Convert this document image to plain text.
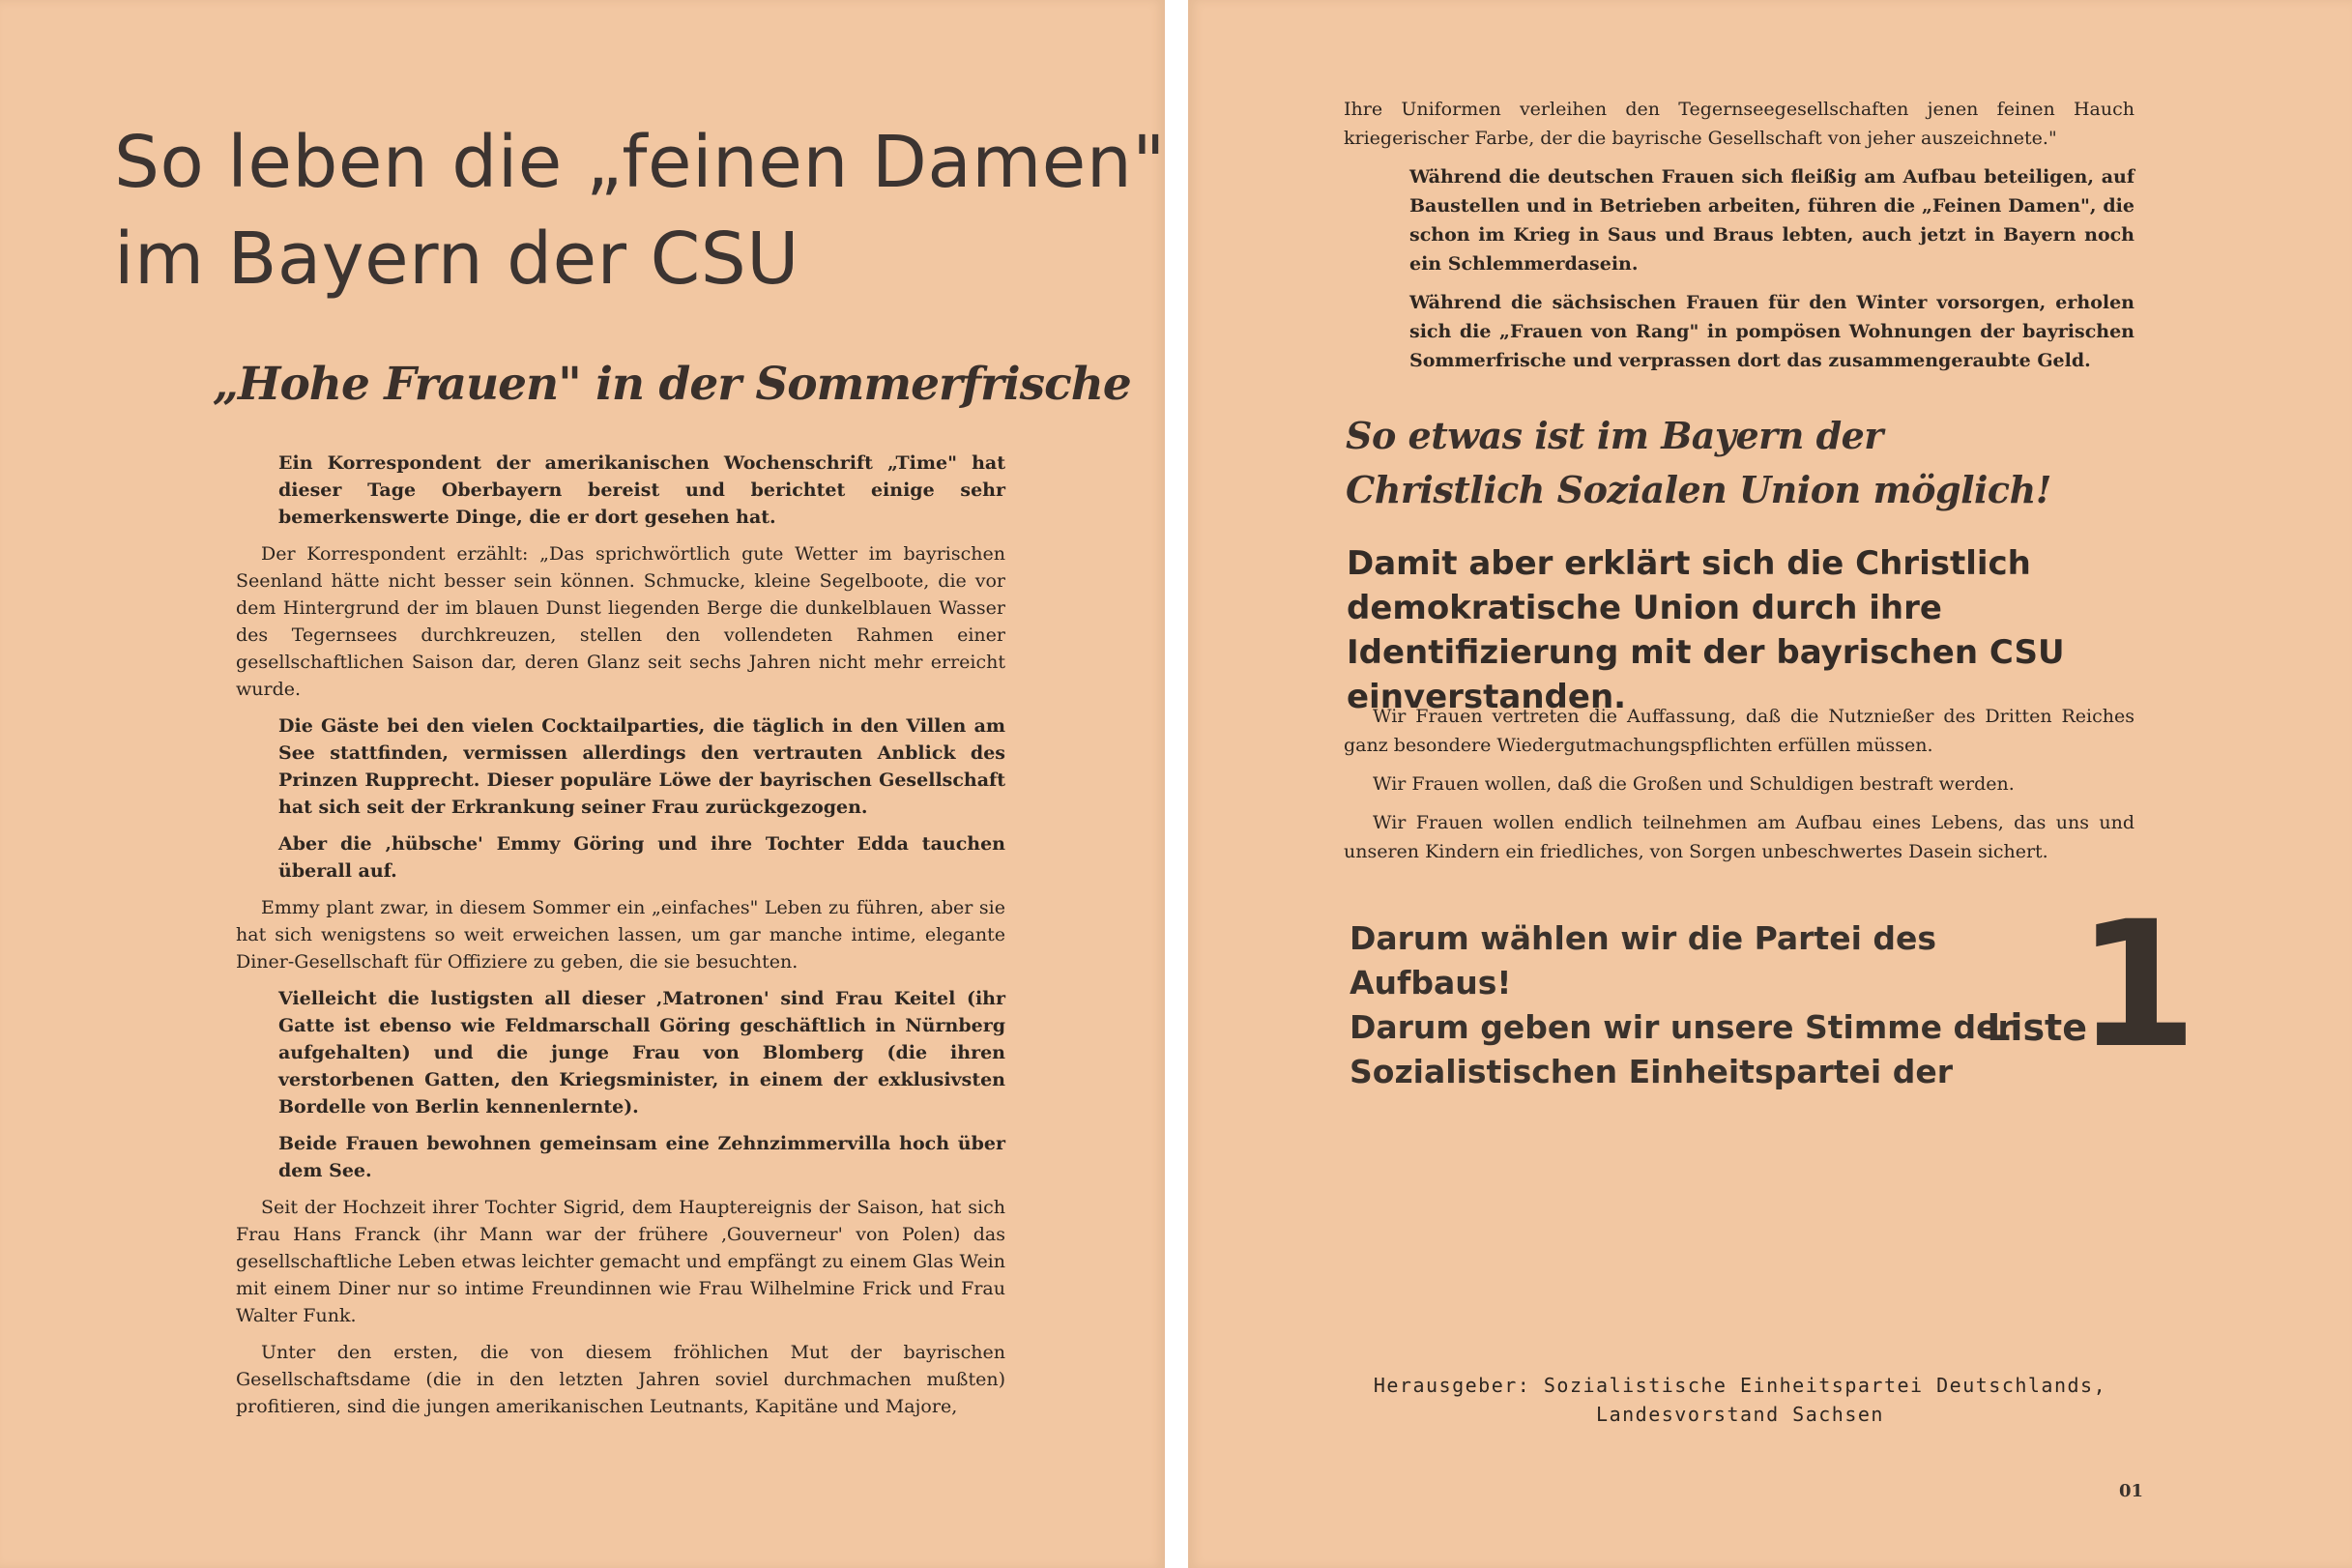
So leben die „feinen Damen"
im Bayern der CSU
„Hohe Frauen" in der Sommerfrische

Ein Korrespondent der amerikanischen Wochenschrift „Time" hat dieser Tage Oberbayern bereist und berichtet einige sehr bemerkenswerte Dinge, die er dort gesehen hat.

Der Korrespondent erzählt: „Das sprichwörtlich gute Wetter im bayrischen Seenland hätte nicht besser sein können. Schmucke, kleine Segelboote, die vor dem Hintergrund der im blauen Dunst liegenden Berge die dunkelblauen Wasser des Tegernsees durchkreuzen, stellen den vollendeten Rahmen einer gesellschaftlichen Saison dar, deren Glanz seit sechs Jahren nicht mehr erreicht wurde.

Die Gäste bei den vielen Cocktailparties, die täglich in den Villen am See stattfinden, vermissen allerdings den vertrauten Anblick des Prinzen Rupprecht. Dieser populäre Löwe der bayrischen Gesellschaft hat sich seit der Erkrankung seiner Frau zurückgezogen.

Aber die ‚hübsche' Emmy Göring und ihre Tochter Edda tauchen überall auf.

Emmy plant zwar, in diesem Sommer ein „einfaches" Leben zu führen, aber sie hat sich wenigstens so weit erweichen lassen, um gar manche intime, elegante Diner-Gesellschaft für Offiziere zu geben, die sie besuchten.

Vielleicht die lustigsten all dieser ‚Matronen' sind Frau Keitel (ihr Gatte ist ebenso wie Feldmarschall Göring geschäftlich in Nürnberg aufgehalten) und die junge Frau von Blomberg (die ihren verstorbenen Gatten, den Kriegsminister, in einem der exklusivsten Bordelle von Berlin kennenlernte).

Beide Frauen bewohnen gemeinsam eine Zehnzimmervilla hoch über dem See.

Seit der Hochzeit ihrer Tochter Sigrid, dem Hauptereignis der Saison, hat sich Frau Hans Franck (ihr Mann war der frühere ‚Gouverneur' von Polen) das gesellschaftliche Leben etwas leichter gemacht und empfängt zu einem Glas Wein mit einem Diner nur so intime Freundinnen wie Frau Wilhelmine Frick und Frau Walter Funk.

Unter den ersten, die von diesem fröhlichen Mut der bayrischen Gesellschaftsdame (die in den letzten Jahren soviel durchmachen mußten) profitieren, sind die jungen amerikanischen Leutnants, Kapitäne und Majore,

Ihre Uniformen verleihen den Tegernseegesellschaften jenen feinen Hauch kriegerischer Farbe, der die bayrische Gesellschaft von jeher auszeichnete."

Während die deutschen Frauen sich fleißig am Aufbau beteiligen, auf Baustellen und in Betrieben arbeiten, führen die „Feinen Damen", die schon im Krieg in Saus und Braus lebten, auch jetzt in Bayern noch ein Schlemmerdasein.

Während die sächsischen Frauen für den Winter vorsorgen, erholen sich die „Frauen von Rang" in pompösen Wohnungen der bayrischen Sommerfrische und verprassen dort das zusammengeraubte Geld.

So etwas ist im Bayern der
Christlich Sozialen Union möglich!
Damit aber erklärt sich die Christlich demokratische Union durch ihre Identifizierung mit der bayrischen CSU einverstanden.

Wir Frauen vertreten die Auffassung, daß die Nutznießer des Dritten Reiches ganz besondere Wiedergutmachungspflichten erfüllen müssen.

Wir Frauen wollen, daß die Großen und Schuldigen bestraft werden.

Wir Frauen wollen endlich teilnehmen am Aufbau eines Lebens, das uns und unseren Kindern ein friedliches, von Sorgen unbeschwertes Dasein sichert.

Darum wählen wir die Partei des Aufbaus!
Darum geben wir unsere Stimme der
Sozialistischen Einheitspartei der
Liste
1
Herausgeber: Sozialistische Einheitspartei Deutschlands,
Landesvorstand Sachsen
01
